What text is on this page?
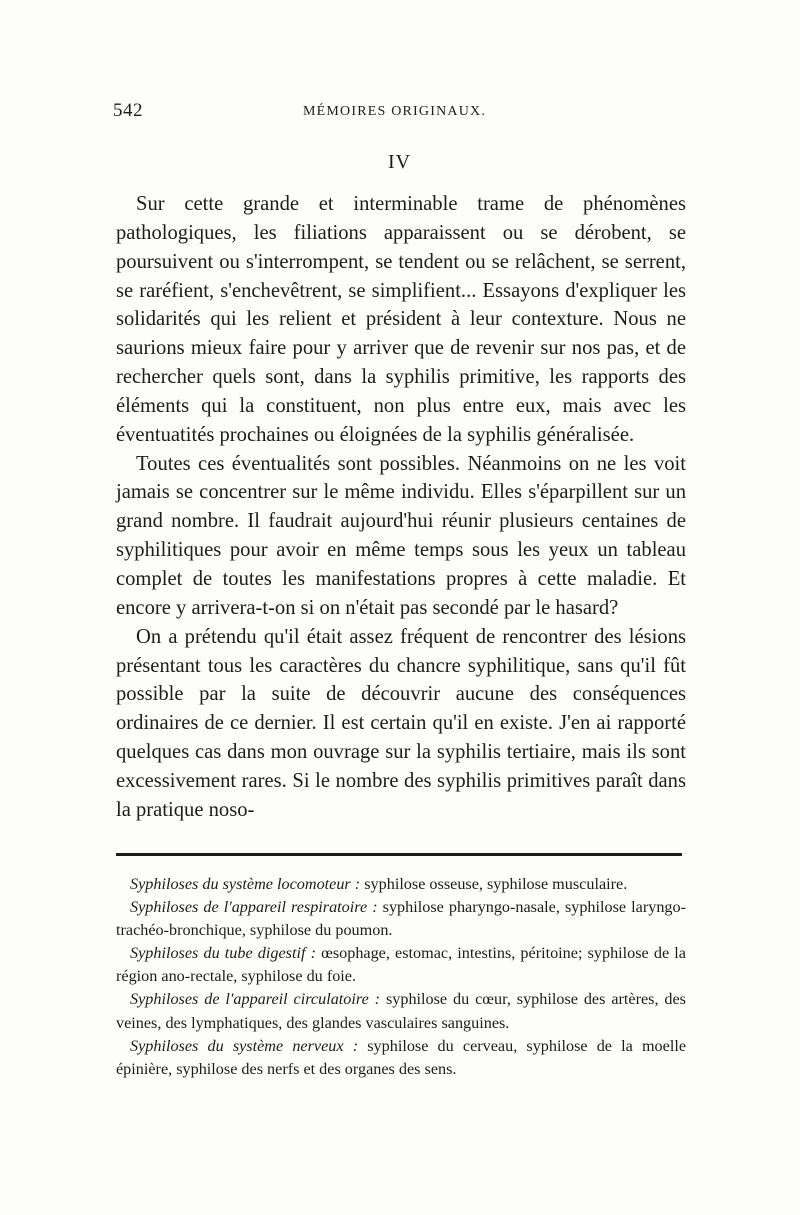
542	MÉMOIRES ORIGINAUX.
IV

Sur cette grande et interminable trame de phénomènes pathologiques, les filiations apparaissent ou se dérobent, se poursuivent ou s'interrompent, se tendent ou se relâchent, se serrent, se raréfient, s'enchevêtrent, se simplifient... Essayons d'expliquer les solidarités qui les relient et président à leur contexture. Nous ne saurions mieux faire pour y arriver que de revenir sur nos pas, et de rechercher quels sont, dans la syphilis primitive, les rapports des éléments qui la constituent, non plus entre eux, mais avec les éventuatités prochaines ou éloignées de la syphilis généralisée.

Toutes ces éventualités sont possibles. Néanmoins on ne les voit jamais se concentrer sur le même individu. Elles s'éparpillent sur un grand nombre. Il faudrait aujourd'hui réunir plusieurs centaines de syphilitiques pour avoir en même temps sous les yeux un tableau complet de toutes les manifestations propres à cette maladie. Et encore y arrivera-t-on si on n'était pas secondé par le hasard?

On a prétendu qu'il était assez fréquent de rencontrer des lésions présentant tous les caractères du chancre syphilitique, sans qu'il fût possible par la suite de découvrir aucune des conséquences ordinaires de ce dernier. Il est certain qu'il en existe. J'en ai rapporté quelques cas dans mon ouvrage sur la syphilis tertiaire, mais ils sont excessivement rares. Si le nombre des syphilis primitives paraît dans la pratique noso-

Syphiloses du système locomoteur : syphilose osseuse, syphilose musculaire.

Syphiloses de l'appareil respiratoire : syphilose pharyngo-nasale, syphilose laryngo-trachéo-bronchique, syphilose du poumon.

Syphiloses du tube digestif : œsophage, estomac, intestins, péritoine; syphilose de la région ano-rectale, syphilose du foie.

Syphiloses de l'appareil circulatoire : syphilose du cœur, syphilose des artères, des veines, des lymphatiques, des glandes vasculaires sanguines.

Syphiloses du système nerveux : syphilose du cerveau, syphilose de la moelle épinière, syphilose des nerfs et des organes des sens.
